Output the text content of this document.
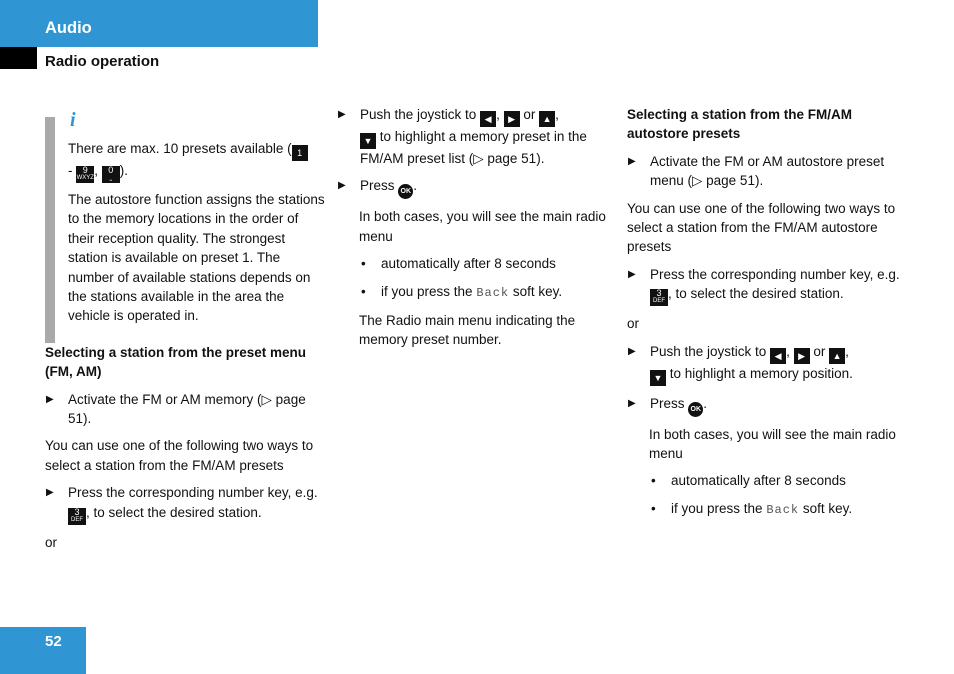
Audio
Radio operation
i

There are max. 10 presets available ( 1
- 9
WXYZ , 0
⎵ ).

The autostore function assigns the stations to the memory locations in the order of their reception quality. The strongest station is available on preset 1. The number of available stations depends on the stations available in the area the vehicle is operated in.

Selecting a station from the preset menu (FM, AM)

▶ Activate the FM or AM memory (▷ page 51).

You can use one of the following two ways to select a station from the FM/AM presets

▶ Press the corresponding number key, e.g. 3
DEF , to select the desired station.

or

▶ Push the joystick to ◀ , ▶ or ▲ ,
▼ to highlight a memory preset in the FM/AM preset list (▷ page 51).

▶ Press OK .

In both cases, you will see the main radio menu

• automatically after 8 seconds

• if you press the Back soft key.

The Radio main menu indicating the memory preset number.

Selecting a station from the FM/AM autostore presets

▶ Activate the FM or AM autostore preset menu (▷ page 51).

You can use one of the following two ways to select a station from the FM/AM autostore presets

▶ Press the corresponding number key, e.g. 3
DEF , to select the desired station.

or

▶ Push the joystick to ◀ , ▶ or ▲ ,
▼ to highlight a memory position.

▶ Press OK .

In both cases, you will see the main radio menu

• automatically after 8 seconds

• if you press the Back soft key.

52
